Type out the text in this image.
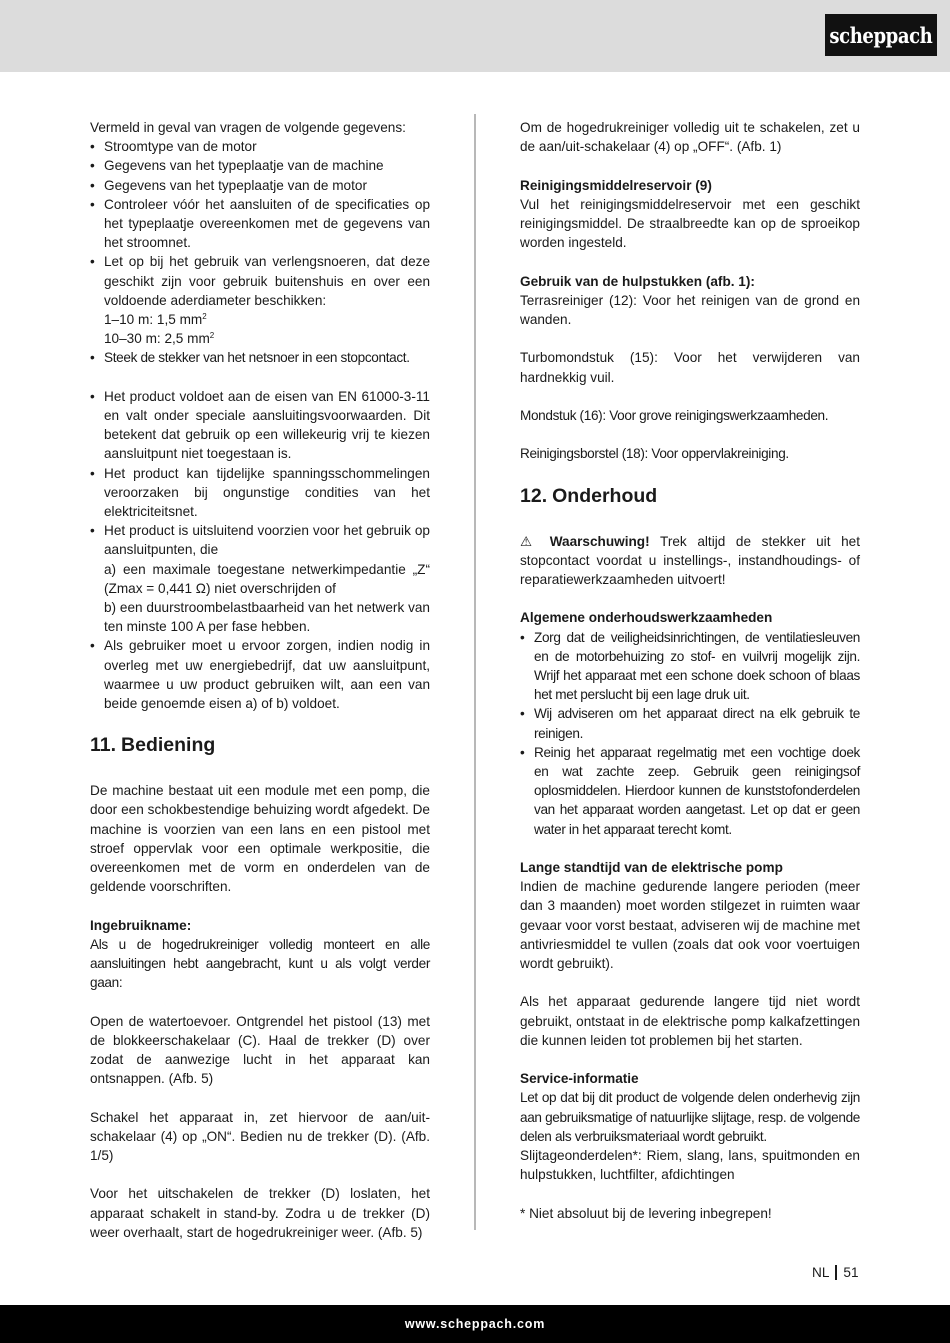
scheppach

Vermeld in geval van vragen de volgende gegevens:

• Stroomtype van de motor
• Gegevens van het typeplaatje van de machine
• Gegevens van het typeplaatje van de motor
• Controleer vóór het aansluiten of de specificaties op het typeplaatje overeenkomen met de gegevens van het stroomnet.
• Let op bij het gebruik van verlengsnoeren, dat deze geschikt zijn voor gebruik buitenshuis en over een voldoende aderdiameter beschikken:
1–10 m: 1,5 $mm^2$
10–30 m: 2,5 $mm^2$
• Steek de stekker van het netsnoer in een stopcontact.
• Het product voldoet aan de eisen van EN 61000-3-11 en valt onder speciale aansluitingsvoorwaarden. Dit betekent dat gebruik op een willekeurig vrij te kiezen aansluitpunt niet toegestaan is.
• Het product kan tijdelijke spanningsschommelingen veroorzaken bij ongunstige condities van het elektriciteitsnet.
• Het product is uitsluitend voorzien voor het gebruik op aansluitpunten, die
a) een maximale toegestane netwerkimpedantie „Z“ (Zmax = 0,441 Ω) niet overschrijden of
b) een duurstroombelastbaarheid van het netwerk van ten minste 100 A per fase hebben.
• Als gebruiker moet u ervoor zorgen, indien nodig in overleg met uw energiebedrijf, dat uw aansluitpunt, waarmee u uw product gebruiken wilt, aan een van beide genoemde eisen a) of b) voldoet.
11. Bediening

De machine bestaat uit een module met een pomp, die door een schokbestendige behuizing wordt afgedekt. De machine is voorzien van een lans en een pistool met stroef oppervlak voor een optimale werkpositie, die overeenkomen met de vorm en onderdelen van de geldende voorschriften.

Ingebruikname:

Als u de hogedrukreiniger volledig monteert en alle aansluitingen hebt aangebracht, kunt u als volgt verder gaan:

Open de watertoevoer. Ontgrendel het pistool (13) met de blokkeerschakelaar (C). Haal de trekker (D) over zodat de aanwezige lucht in het apparaat kan ontsnappen. (Afb. 5)

Schakel het apparaat in, zet hiervoor de aan/uit-schakelaar (4) op „ON“. Bedien nu de trekker (D). (Afb. 1/5)

Voor het uitschakelen de trekker (D) loslaten, het apparaat schakelt in stand-by. Zodra u de trekker (D) weer overhaalt, start de hogedrukreiniger weer. (Afb. 5)

Om de hogedrukreiniger volledig uit te schakelen, zet u de aan/uit-schakelaar (4) op „OFF“. (Afb. 1)

Reinigingsmiddelreservoir (9)

Vul het reinigingsmiddelreservoir met een geschikt reinigingsmiddel. De straalbreedte kan op de sproeikop worden ingesteld.

Gebruik van de hulpstukken (afb. 1):

Terrasreiniger (12): Voor het reinigen van de grond en wanden.

Turbomondstuk (15): Voor het verwijderen van hardnekkig vuil.

Mondstuk (16): Voor grove reinigingswerkzaamheden.

Reinigingsborstel (18): Voor oppervlakreiniging.

12. Onderhoud

⚠ Waarschuwing! Trek altijd de stekker uit het stopcontact voordat u instellings-, instandhoudings- of reparatiewerkzaamheden uitvoert!

Algemene onderhoudswerkzaamheden

• Zorg dat de veiligheidsinrichtingen, de ventilatiesleuven en de motorbehuizing zo stof- en vuilvrij mogelijk zijn. Wrijf het apparaat met een schone doek schoon of blaas het met perslucht bij een lage druk uit.
• Wij adviseren om het apparaat direct na elk gebruik te reinigen.
• Reinig het apparaat regelmatig met een vochtige doek en wat zachte zeep. Gebruik geen reinigingsof oplosmiddelen. Hierdoor kunnen de kunststofonderdelen van het apparaat worden aangetast. Let op dat er geen water in het apparaat terecht komt.

Lange standtijd van de elektrische pomp

Indien de machine gedurende langere perioden (meer dan 3 maanden) moet worden stilgezet in ruimten waar gevaar voor vorst bestaat, adviseren wij de machine met antivriesmiddel te vullen (zoals dat ook voor voertuigen wordt gebruikt).

Als het apparaat gedurende langere tijd niet wordt gebruikt, ontstaat in de elektrische pomp kalkafzettingen die kunnen leiden tot problemen bij het starten.

Service-informatie

Let op dat bij dit product de volgende delen onderhevig zijn aan gebruiksmatige of natuurlijke slijtage, resp. de volgende delen als verbruiksmateriaal wordt gebruikt.

Slijtageonderdelen*: Riem, slang, lans, spuitmonden en hulpstukken, luchtfilter, afdichtingen

* Niet absoluut bij de levering inbegrepen!

NL 51
www.scheppach.com
